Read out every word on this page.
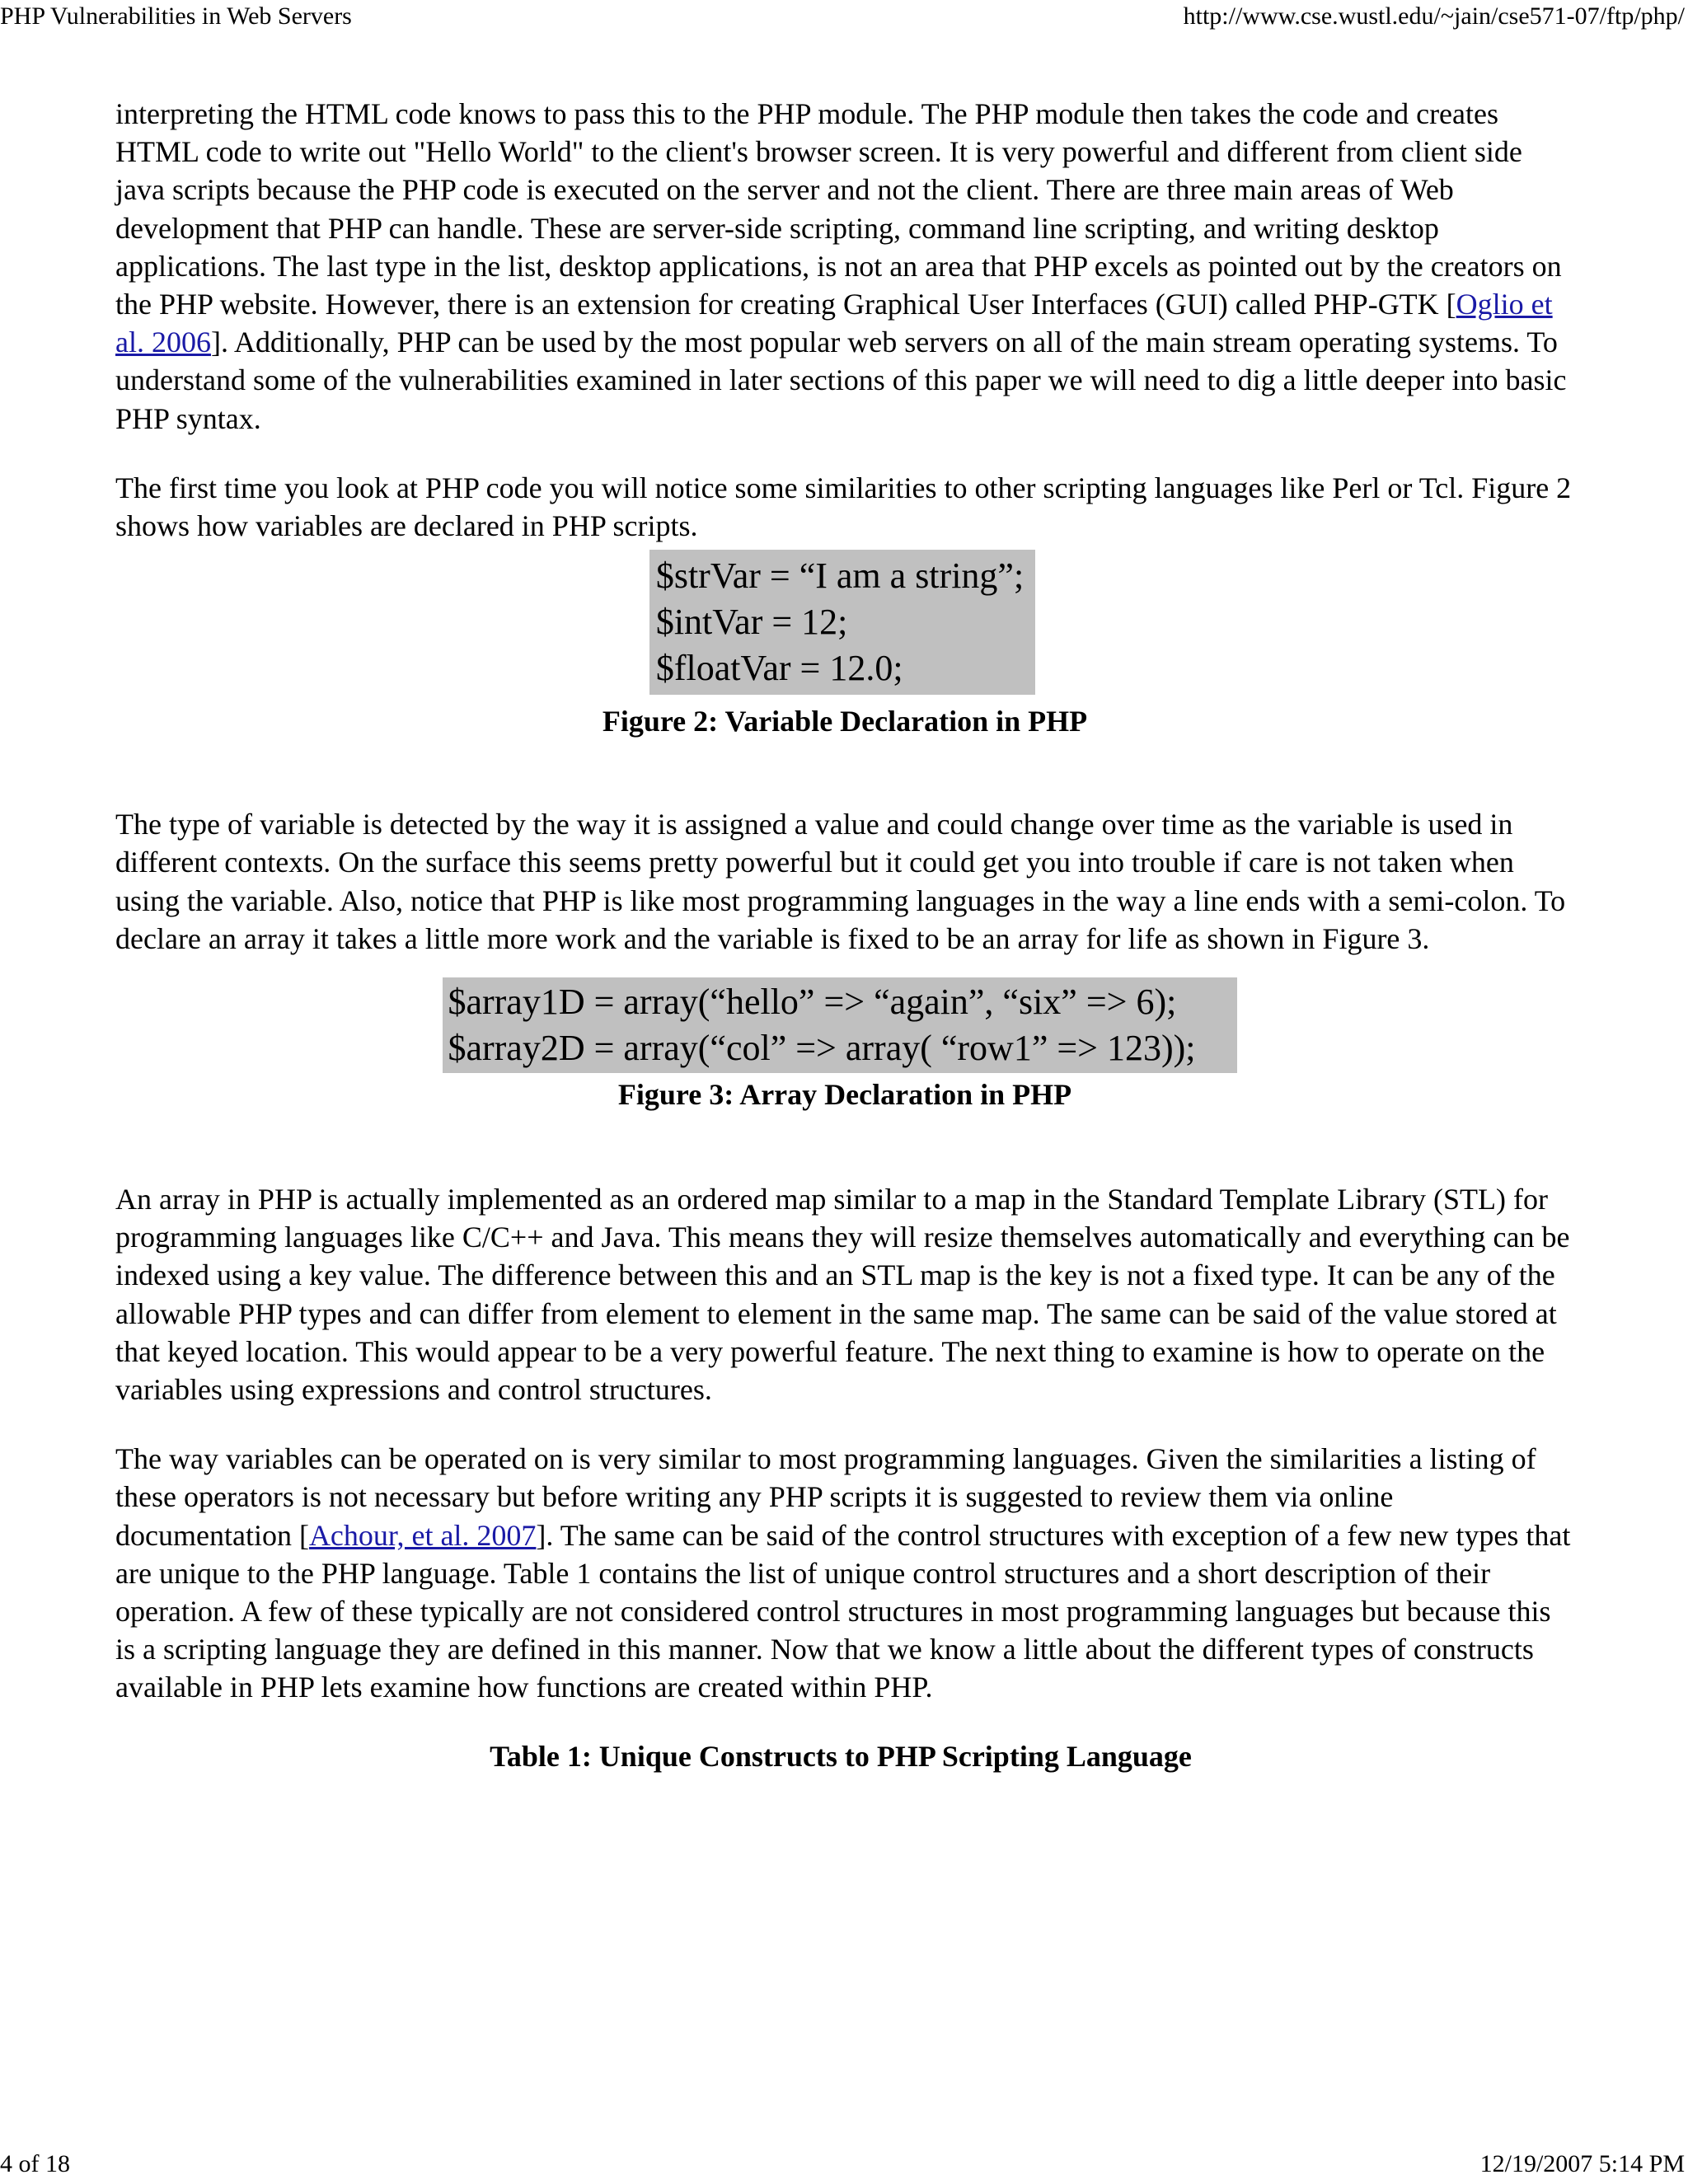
PHP Vulnerabilities in Web Servers	http://www.cse.wustl.edu/~jain/cse571-07/ftp/php/

interpreting the HTML code knows to pass this to the PHP module. The PHP module then takes the code and creates HTML code to write out "Hello World" to the client's browser screen. It is very powerful and different from client side java scripts because the PHP code is executed on the server and not the client. There are three main areas of Web development that PHP can handle. These are server-side scripting, command line scripting, and writing desktop applications. The last type in the list, desktop applications, is not an area that PHP excels as pointed out by the creators on the PHP website. However, there is an extension for creating Graphical User Interfaces (GUI) called PHP-GTK [Oglio et al. 2006]. Additionally, PHP can be used by the most popular web servers on all of the main stream operating systems. To understand some of the vulnerabilities examined in later sections of this paper we will need to dig a little deeper into basic PHP syntax.

The first time you look at PHP code you will notice some similarities to other scripting languages like Perl or Tcl. Figure 2 shows how variables are declared in PHP scripts.

$strVar = “I am a string”;
$intVar = 12;
$floatVar = 12.0;
Figure 2: Variable Declaration in PHP

The type of variable is detected by the way it is assigned a value and could change over time as the variable is used in different contexts. On the surface this seems pretty powerful but it could get you into trouble if care is not taken when using the variable. Also, notice that PHP is like most programming languages in the way a line ends with a semi-colon. To declare an array it takes a little more work and the variable is fixed to be an array for life as shown in Figure 3.

$array1D = array(“hello” => “again”, “six” => 6);
$array2D = array(“col” => array( “row1” => 123));
Figure 3: Array Declaration in PHP

An array in PHP is actually implemented as an ordered map similar to a map in the Standard Template Library (STL) for programming languages like C/C++ and Java. This means they will resize themselves automatically and everything can be indexed using a key value. The difference between this and an STL map is the key is not a fixed type. It can be any of the allowable PHP types and can differ from element to element in the same map. The same can be said of the value stored at that keyed location. This would appear to be a very powerful feature. The next thing to examine is how to operate on the variables using expressions and control structures.

The way variables can be operated on is very similar to most programming languages. Given the similarities a listing of these operators is not necessary but before writing any PHP scripts it is suggested to review them via online documentation [Achour, et al. 2007]. The same can be said of the control structures with exception of a few new types that are unique to the PHP language. Table 1 contains the list of unique control structures and a short description of their operation. A few of these typically are not considered control structures in most programming languages but because this is a scripting language they are defined in this manner. Now that we know a little about the different types of constructs available in PHP lets examine how functions are created within PHP.

Table 1: Unique Constructs to PHP Scripting Language
4 of 18	12/19/2007 5:14 PM
